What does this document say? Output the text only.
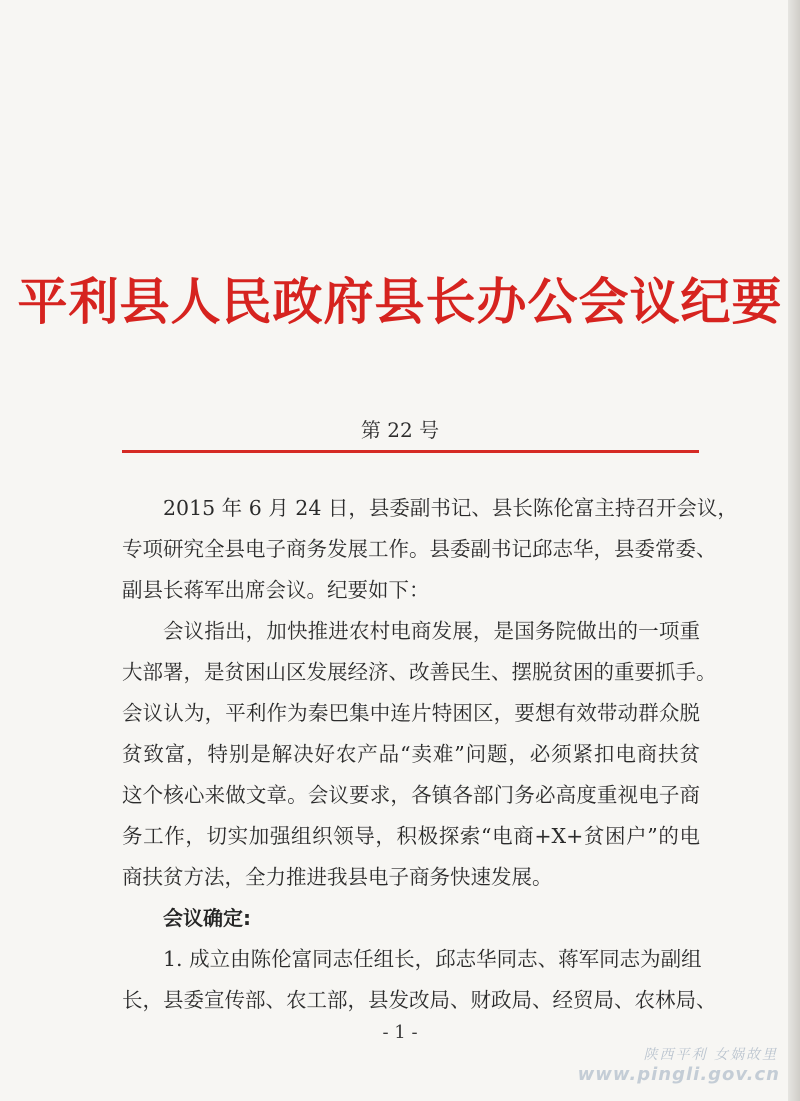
平利县人民政府县长办公会议纪要
第 22 号
2015 年 6 月 24 日，县委副书记、县长陈伦富主持召开会议，
专项研究全县电子商务发展工作。县委副书记邱志华，县委常委、
副县长蒋军出席会议。纪要如下：
会议指出，加快推进农村电商发展，是国务院做出的一项重
大部署，是贫困山区发展经济、改善民生、摆脱贫困的重要抓手。
会议认为，平利作为秦巴集中连片特困区，要想有效带动群众脱
贫致富，特别是解决好农产品“卖难”问题，必须紧扣电商扶贫
这个核心来做文章。会议要求，各镇各部门务必高度重视电子商
务工作，切实加强组织领导，积极探索“电商+X+贫困户”的电
商扶贫方法，全力推进我县电子商务快速发展。
会议确定:
1. 成立由陈伦富同志任组长，邱志华同志、蒋军同志为副组
长，县委宣传部、农工部，县发改局、财政局、经贸局、农林局、
- 1 -
陕西平利 女娲故里
www.pingli.gov.cn
